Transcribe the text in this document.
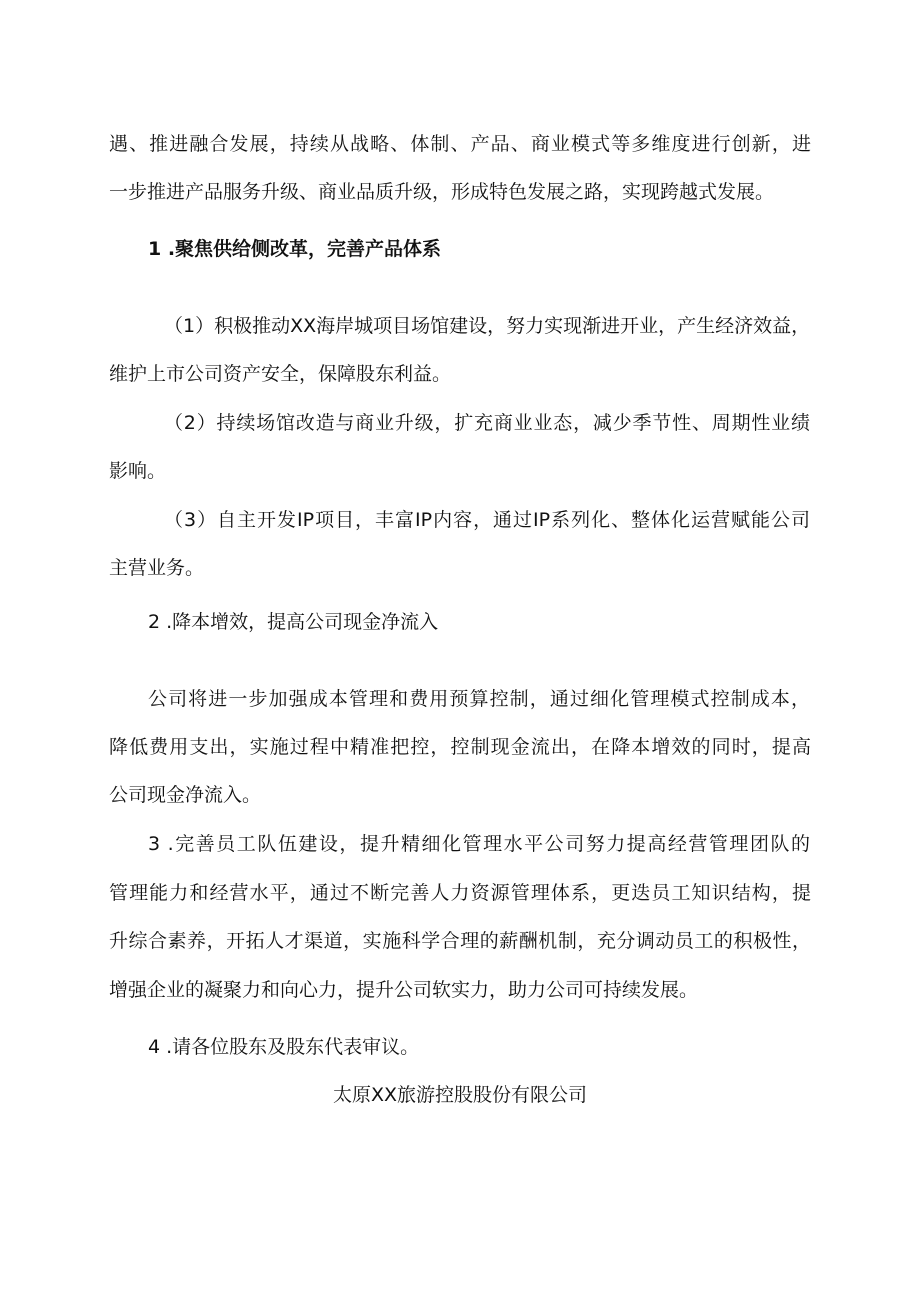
遇、推进融合发展，持续从战略、体制、产品、商业模式等多维度进行创新，进
一步推进产品服务升级、商业品质升级，形成特色发展之路，实现跨越式发展。
1 .聚焦供给侧改革，完善产品体系
（1）积极推动XX海岸城项目场馆建设，努力实现渐进开业，产生经济效益，
维护上市公司资产安全，保障股东利益。
（2）持续场馆改造与商业升级，扩充商业业态，减少季节性、周期性业绩
影响。
（3）自主开发IP项目，丰富IP内容，通过IP系列化、整体化运营赋能公司
主营业务。
2 .降本增效，提高公司现金净流入
公司将进一步加强成本管理和费用预算控制，通过细化管理模式控制成本，
降低费用支出，实施过程中精准把控，控制现金流出，在降本增效的同时，提高
公司现金净流入。
3 .完善员工队伍建设，提升精细化管理水平公司努力提高经营管理团队的
管理能力和经营水平，通过不断完善人力资源管理体系，更迭员工知识结构，提
升综合素养，开拓人才渠道，实施科学合理的薪酬机制，充分调动员工的积极性，
增强企业的凝聚力和向心力，提升公司软实力，助力公司可持续发展。
4 .请各位股东及股东代表审议。
太原XX旅游控股股份有限公司
